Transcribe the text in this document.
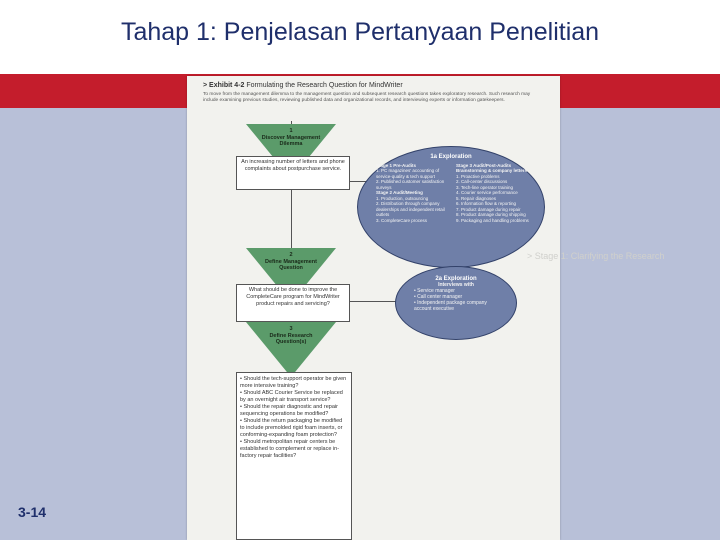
Tahap 1: Penjelasan Pertanyaan Penelitian
3-14
> Exhibit 4-2 Formulating the Research Question for MindWriter
To move from the management dilemma to the management question and subsequent research questions takes exploratory research. Such research may include examining previous studies, reviewing published data and organizational records, and interviewing experts or information gatekeepers.
1
Discover Management Dilemma
An increasing number of letters and phone complaints about postpurchase service.
2
Define Management Question
What should be done to improve the CompleteCare program for MindWriter product repairs and servicing?
3
Define Research Question(s)
• Should the tech-support operator be given more intensive training?
• Should ABC Courier Service be replaced by an overnight air transport service?
• Should the repair diagnostic and repair sequencing operations be modified?
• Should the return packaging be modified to include premolded rigid foam inserts, or conforming-expanding foam protection?
• Should metropolitan repair centers be established to complement or replace in-factory repair facilities?
1a Exploration
Stage 1 Pre-Audits
1. PC magazines' accounting of service-quality & tech support
2. Published customer satisfaction surveys
Stage 2 Audit/Meeting
1. Production, outsourcing
2. Distribution through company dealerships and independent retail outlets
3. CompleteCare process
Stage 3 Audit/Post-Audits Brainstorming & company letters
1. Proactive problems
2. Call-center discussions
3. Tech-line operator training
4. Courier service performance
5. Repair diagnoses
6. Information flow & reporting
7. Product damage during repair
8. Product damage during shipping
9. Packaging and handling problems
> Stage 1: Clarifying the Research
2a Exploration
Interviews with
• Service manager
• Call center manager
• Independent package company account executive
